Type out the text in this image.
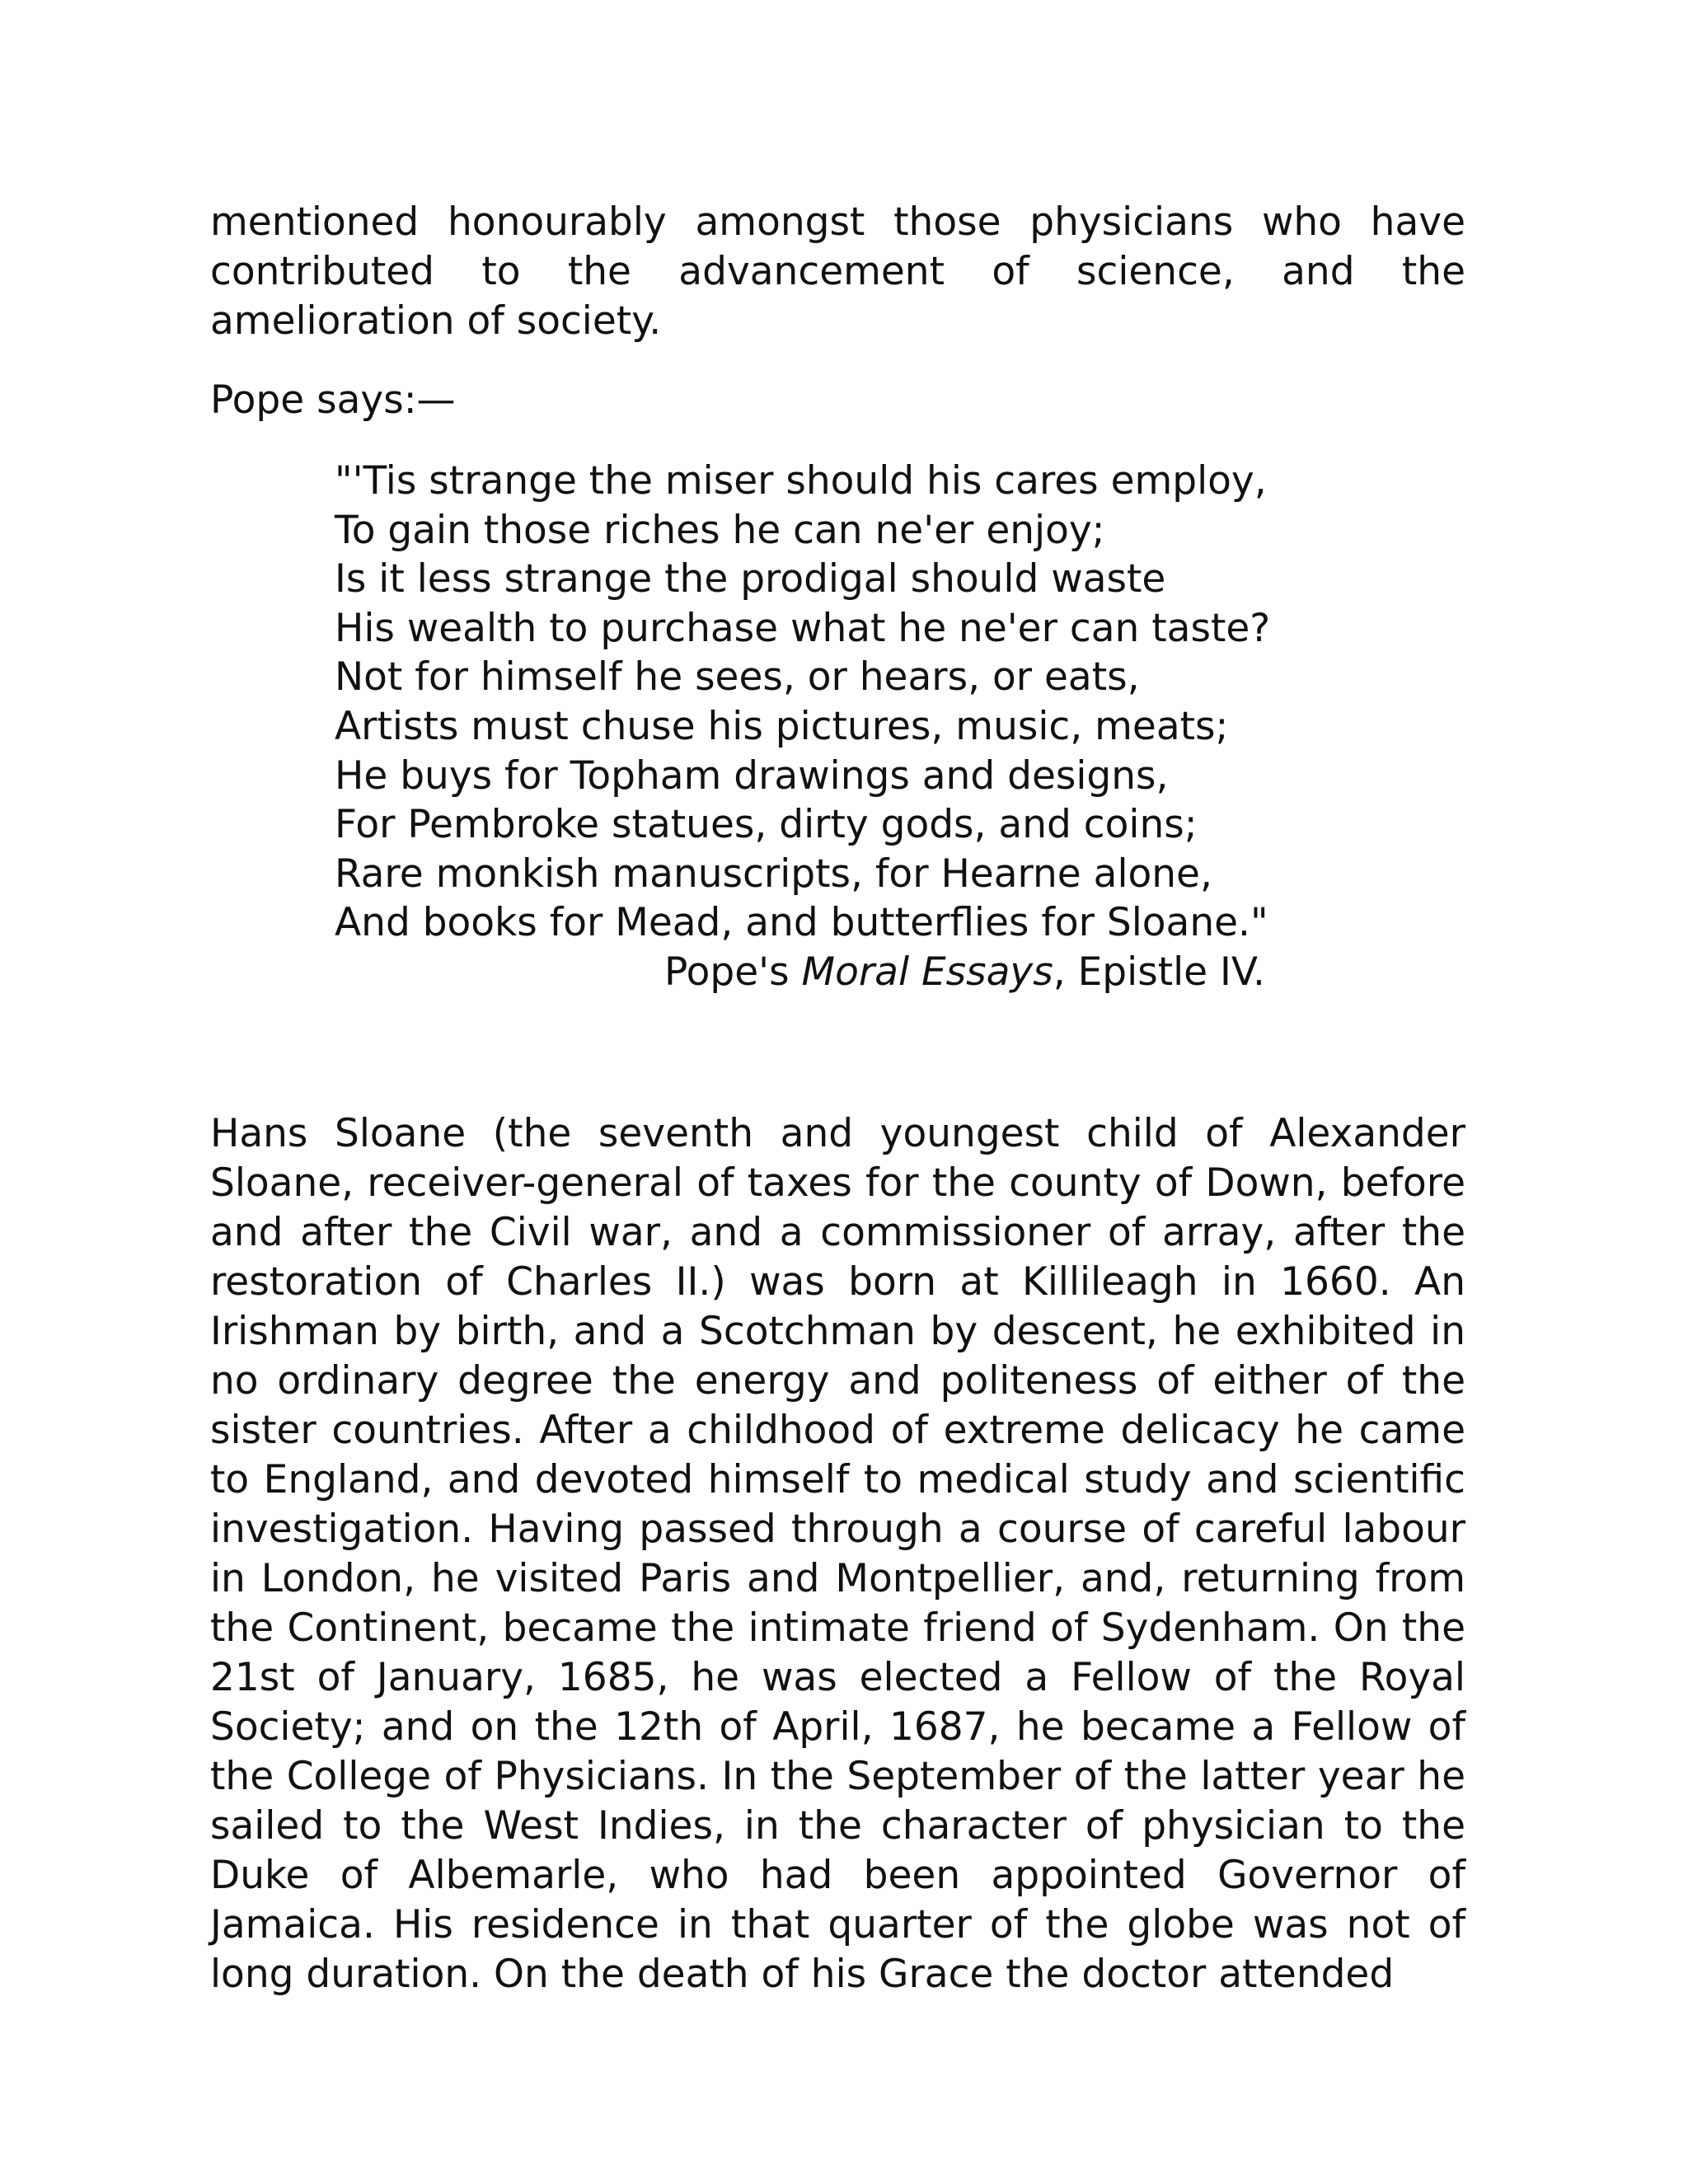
mentioned honourably amongst those physicians who have contributed to the advancement of science, and the amelioration of society.

Pope says:—

"'Tis strange the miser should his cares employ,
To gain those riches he can ne'er enjoy;
Is it less strange the prodigal should waste
His wealth to purchase what he ne'er can taste?
Not for himself he sees, or hears, or eats,
Artists must chuse his pictures, music, meats;
He buys for Topham drawings and designs,
For Pembroke statues, dirty gods, and coins;
Rare monkish manuscripts, for Hearne alone,
And books for Mead, and butterflies for Sloane."

Pope's Moral Essays, Epistle IV.

Hans Sloane (the seventh and youngest child of Alexander Sloane, receiver-general of taxes for the county of Down, before and after the Civil war, and a commissioner of array, after the restoration of Charles II.) was born at Killileagh in 1660. An Irishman by birth, and a Scotchman by descent, he exhibited in no ordinary degree the energy and politeness of either of the sister countries. After a childhood of extreme delicacy he came to England, and devoted himself to medical study and scientific investigation. Having passed through a course of careful labour in London, he visited Paris and Montpellier, and, returning from the Continent, became the intimate friend of Sydenham. On the 21st of January, 1685, he was elected a Fellow of the Royal Society; and on the 12th of April, 1687, he became a Fellow of the College of Physicians. In the September of the latter year he sailed to the West Indies, in the character of physician to the Duke of Albemarle, who had been appointed Governor of Jamaica. His residence in that quarter of the globe was not of long duration. On the death of his Grace the doctor attended
